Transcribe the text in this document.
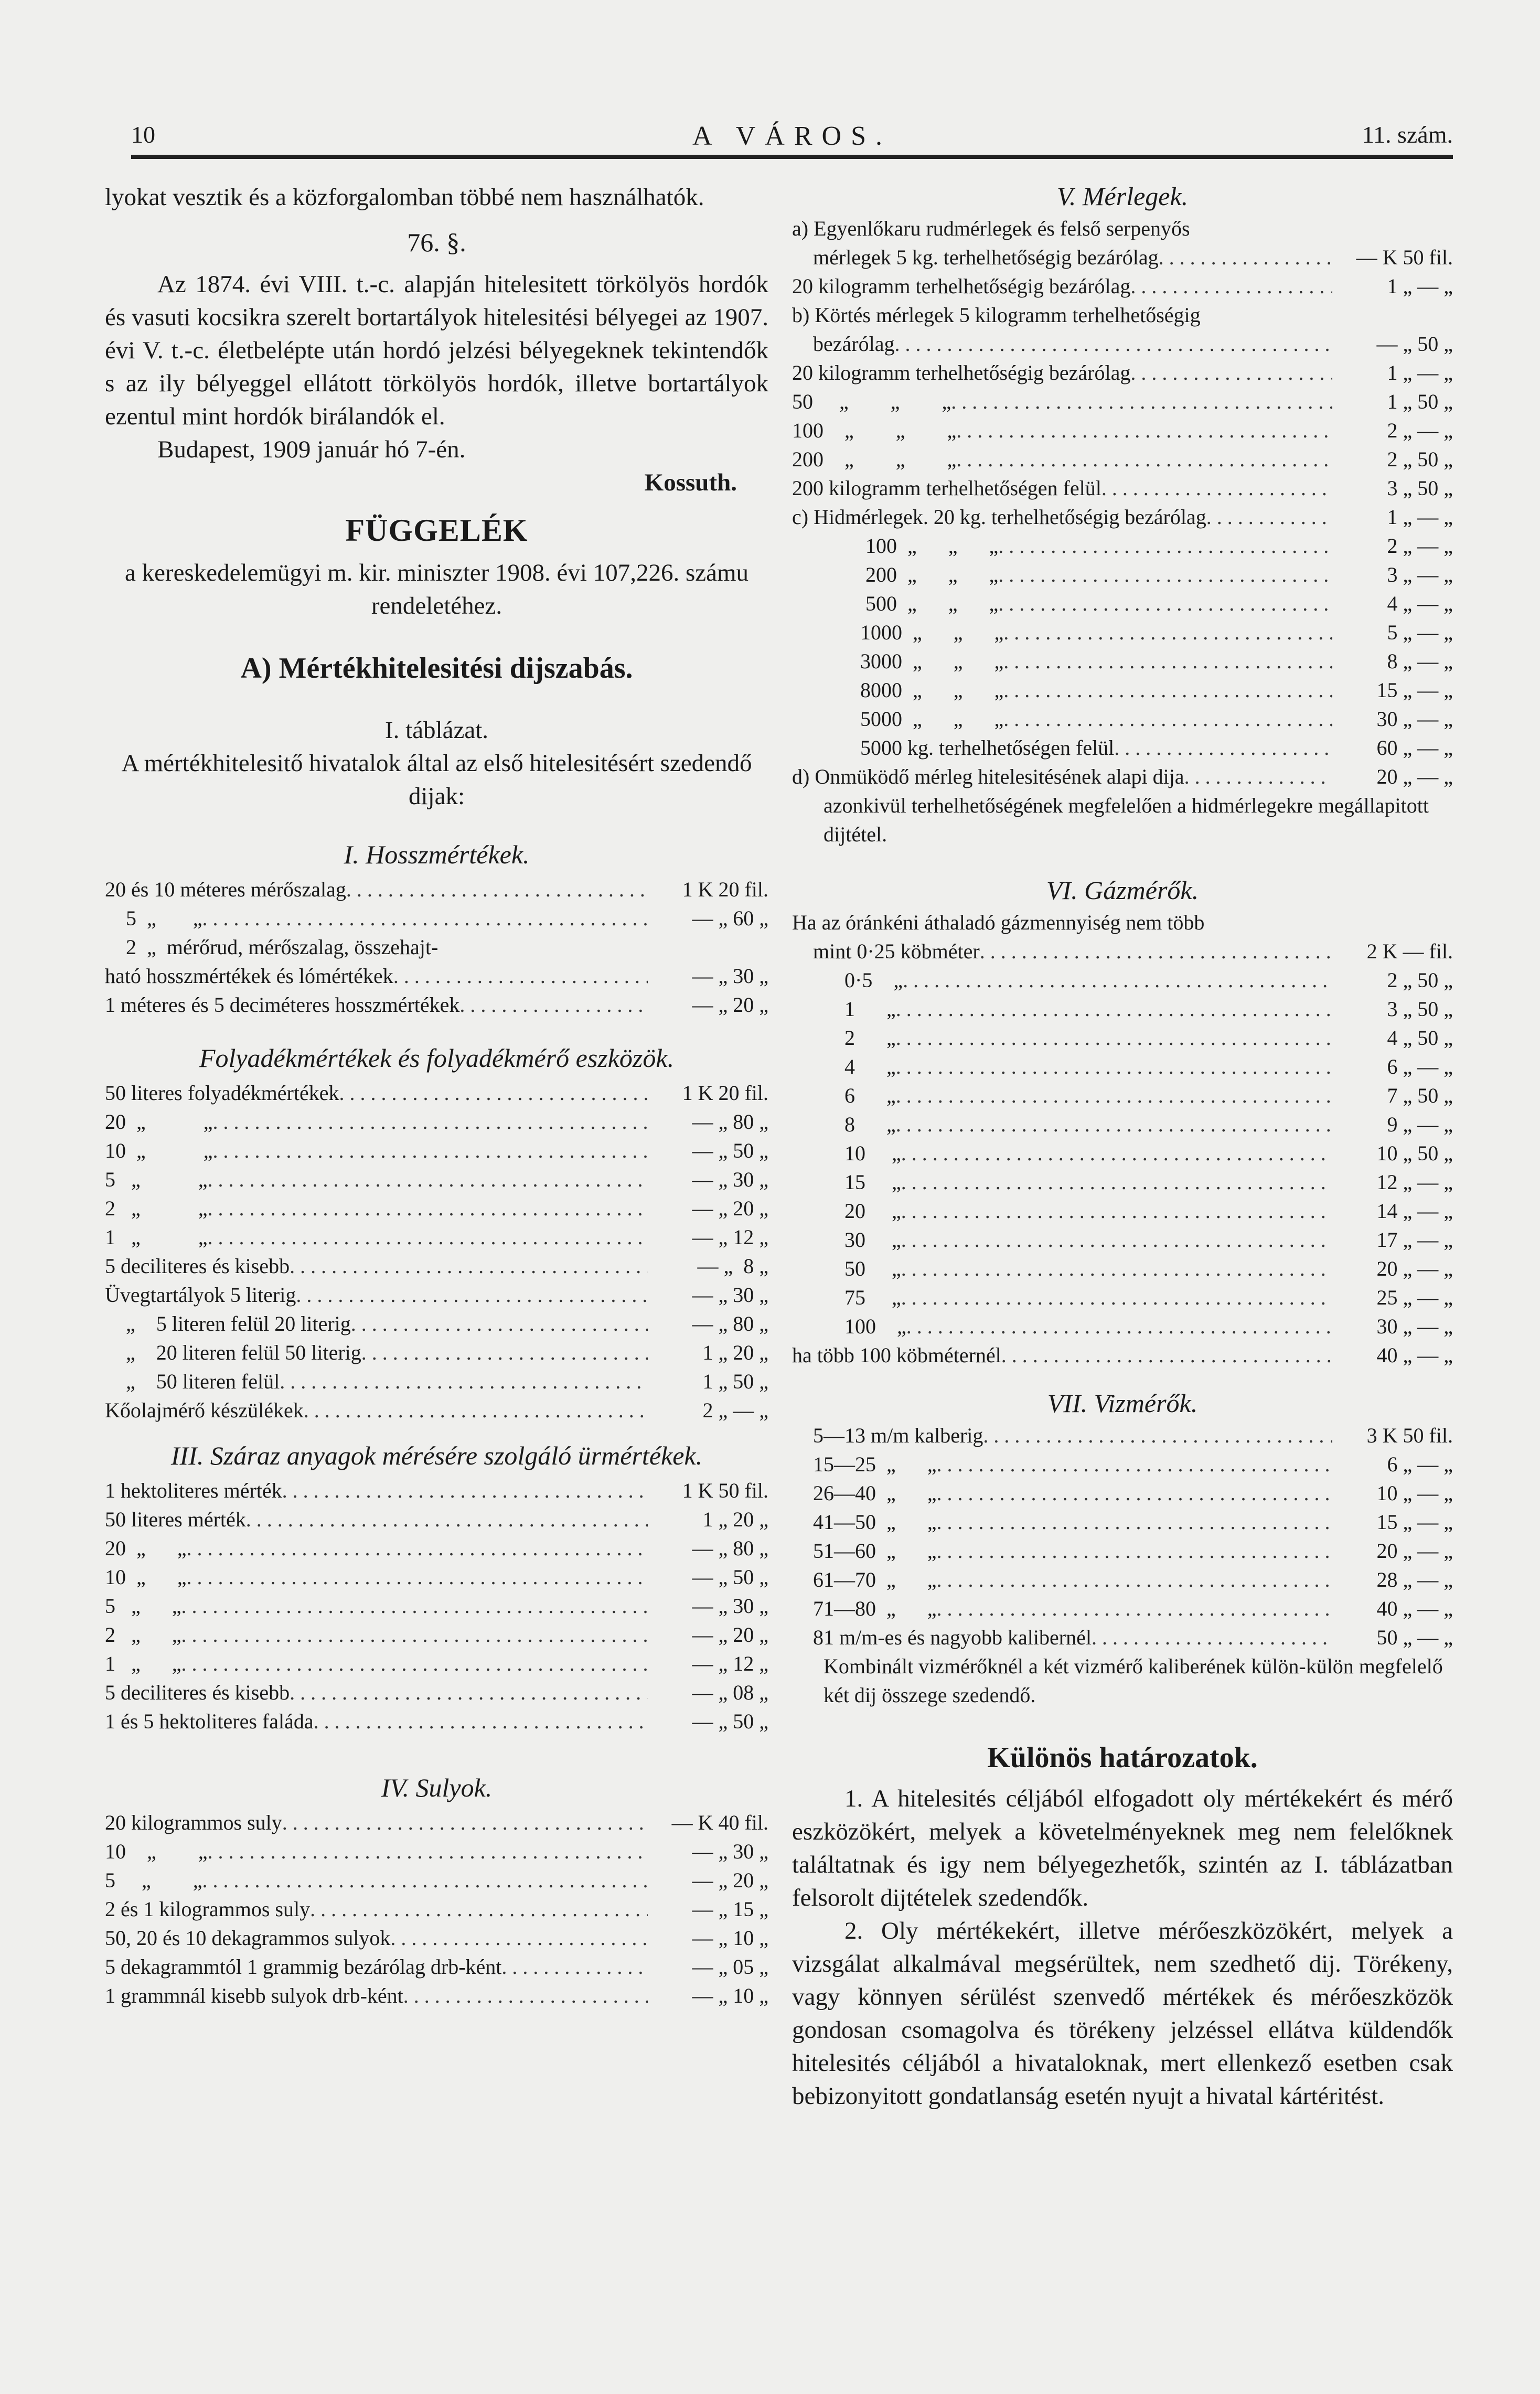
10	A VÁROS.	11. szám.

lyokat vesztik és a közforgalomban többé nem használhatók.

76. §.

Az 1874. évi VIII. t.-c. alapján hitelesitett törkölyös hordók és vasuti kocsikra szerelt bortartályok hitelesitési bélyegei az 1907. évi V. t.-c. életbelépte után hordó jelzési bélyegeknek tekintendők s az ily bélyeggel ellátott törkölyös hordók, illetve bortartályok ezentul mint hordók birálandók el.

Budapest, 1909 január hó 7-én.

Kossuth.

FÜGGELÉK

a kereskedelemügyi m. kir. miniszter 1908. évi 107,226. számu rendeletéhez.

A) Mértékhitelesitési dijszabás.

I. táblázat.

A mértékhitelesitő hivatalok által az első hitelesitésért szedendő dijak:

I. Hosszmértékek.

20 és 10 méteres mérőszalag . . .	1 K 20 fil.
5  „       „ . . .	— „ 60 „
2  „  mérőrud, mérőszalag, összehajt-
ható hosszmértékek és lómértékek . . .	— „ 30 „
1 méteres és 5 deciméteres hosszmértékek . . .	— „ 20 „

Folyadékmértékek és folyadékmérő eszközök.

50 literes folyadékmértékek . . .	1 K 20 fil.
20  „           „ . . .	— „ 80 „
10  „           „ . . .	— „ 50 „
5   „           „ . . .	— „ 30 „
2   „           „ . . .	— „ 20 „
1   „           „ . . .	— „ 12 „
5 deciliteres és kisebb . . .	— „  8 „
Üvegtartályok 5 literig . . .	— „ 30 „
„    5 literen felül 20 literig . . .	— „ 80 „
„    20 literen felül 50 literig . . .	1 „ 20 „
„    50 literen felül . . .	1 „ 50 „
Kőolajmérő készülékek . . .	2 „ — „

III. Száraz anyagok mérésére szolgáló ürmértékek.

1 hektoliteres mérték . . .	1 K 50 fil.
50 literes mérték . . .	1 „ 20 „
20  „      „ . . .	— „ 80 „
10  „      „ . . .	— „ 50 „
5   „      „ . . .	— „ 30 „
2   „      „ . . .	— „ 20 „
1   „      „ . . .	— „ 12 „
5 deciliteres és kisebb . . .	— „ 08 „
1 és 5 hektoliteres faláda . . .	— „ 50 „

IV. Sulyok.

20 kilogrammos suly . . .	— K 40 fil.
10    „        „ . . .	— „ 30 „
5     „        „ . . .	— „ 20 „
2 és 1 kilogrammos suly . . .	— „ 15 „
50, 20 és 10 dekagrammos sulyok . . .	— „ 10 „
5 dekagrammtól 1 grammig bezárólag drb-ként . . .	— „ 05 „
1 grammnál kisebb sulyok drb-ként . . .	— „ 10 „

V. Mérlegek.

a) Egyenlőkaru rudmérlegek és felső serpenyős
mérlegek 5 kg. terhelhetőségig bezárólag . . .	— K 50 fil.
20 kilogramm terhelhetőségig bezárólag . . .	1 „ — „
b) Körtés mérlegek 5 kilogramm terhelhetőségig
bezárólag . . .	— „ 50 „
20 kilogramm terhelhetőségig bezárólag . . .	1 „ — „
50     „        „        „ . . .	1 „ 50 „
100    „        „        „ . . .	2 „ — „
200    „        „        „ . . .	2 „ 50 „
200 kilogramm terhelhetőségen felül . . .	3 „ 50 „
c) Hidmérlegek. 20 kg. terhelhetőségig bezárólag . . .	1 „ — „
100  „      „      „ . . .	2 „ — „
200  „      „      „ . . .	3 „ — „
500  „      „      „ . . .	4 „ — „
1000  „      „      „ . . .	5 „ — „
3000  „      „      „ . . .	8 „ — „
8000  „      „      „ . . .	15 „ — „
5000  „      „      „ . . .	30 „ — „
5000 kg. terhelhetőségen felül . . .	60 „ — „
d) Onmüködő mérleg hitelesitésének alapi dija . . .	20 „ — „

azonkivül terhelhetőségének megfelelően a hidmérlegekre megállapitott dijtétel.

VI. Gázmérők.

Ha az óránkéni áthaladó gázmennyiség nem több

mint 0·25 köbméter . . .	2 K — fil.
0·5    „ . . .	2 „ 50 „
1      „ . . .	3 „ 50 „
2      „ . . .	4 „ 50 „
4      „ . . .	6 „ — „
6      „ . . .	7 „ 50 „
8      „ . . .	9 „ — „
10     „ . . .	10 „ 50 „
15     „ . . .	12 „ — „
20     „ . . .	14 „ — „
30     „ . . .	17 „ — „
50     „ . . .	20 „ — „
75     „ . . .	25 „ — „
100    „ . . .	30 „ — „
ha több 100 köbméternél . . .	40 „ — „

VII. Vizmérők.

5—13 m/m kalberig . . .	3 K 50 fil.
15—25  „      „ . . .	6 „ — „
26—40  „      „ . . .	10 „ — „
41—50  „      „ . . .	15 „ — „
51—60  „      „ . . .	20 „ — „
61—70  „      „ . . .	28 „ — „
71—80  „      „ . . .	40 „ — „
81 m/m-es és nagyobb kalibernél . . .	50 „ — „

Kombinált vizmérőknél a két vizmérő kaliberének külön-külön megfelelő két dij összege szedendő.

Különös határozatok.

1. A hitelesités céljából elfogadott oly mértékekért és mérő eszközökért, melyek a követelményeknek meg nem felelőknek találtatnak és igy nem bélyegezhetők, szintén az I. táblázatban felsorolt dijtételek szedendők.

2. Oly mértékekért, illetve mérőeszközökért, melyek a vizsgálat alkalmával megsérültek, nem szedhető dij. Törékeny, vagy könnyen sérülést szenvedő mértékek és mérőeszközök gondosan csomagolva és törékeny jelzéssel ellátva küldendők hitelesités céljából a hivataloknak, mert ellenkező esetben csak bebizonyitott gondatlanság esetén nyujt a hivatal kártéritést.
